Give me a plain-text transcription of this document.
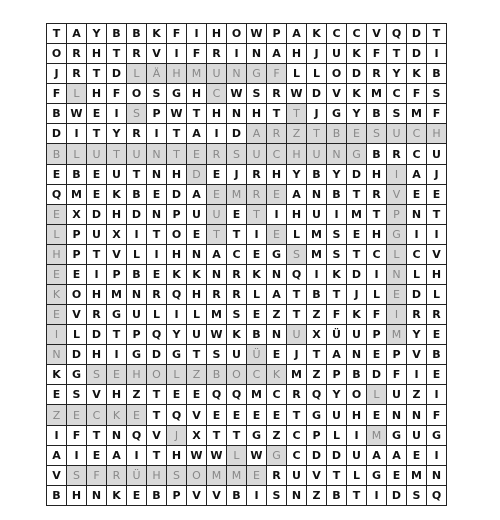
T	A	Y	B	B	K	F	I	H	O	W	P	A	K	C	C	V	Q	D	T
O	R	H	T	R	V	I	F	R	I	N	A	H	J	U	K	F	T	D	I
J	R	T	D	L	Ä	H	M	U	N	G	F	L	L	O	D	R	Y	K	B
F	L	H	F	O	S	G	H	C	W	S	R	W	D	V	K	M	C	F	S
B	W	E	I	S	P	W	T	H	N	H	T	T	J	G	Y	B	S	M	F
D	I	T	Y	R	I	T	A	I	D	A	R	Z	T	B	E	S	U	C	H
B	L	U	T	U	N	T	E	R	S	U	C	H	U	N	G	B	R	C	U
E	B	E	U	T	N	H	D	E	J	R	H	Y	B	Y	D	H	I	A	J
Q	M	E	K	B	E	D	A	E	M	R	E	A	N	B	T	R	V	E	E
E	X	D	H	D	N	P	U	U	E	T	I	H	U	I	M	T	P	N	T
L	P	U	X	I	T	O	E	T	T	I	E	L	M	S	E	H	G	I	I
H	P	T	V	L	I	H	N	A	C	E	G	S	M	S	T	C	L	C	V
E	E	I	P	B	E	K	K	N	R	K	N	Q	I	K	D	I	N	L	H
K	O	H	M	N	R	Q	H	R	R	L	A	T	B	T	J	L	E	D	L
E	V	R	G	U	L	I	L	M	S	E	Z	T	Z	F	K	F	I	R	R
I	L	D	T	P	Q	Y	U	W	K	B	N	U	X	Ü	U	P	M	Y	E
N	D	H	I	G	D	G	T	S	U	Ü	E	J	T	A	N	E	P	V	B
K	G	S	E	H	O	L	Z	B	O	C	K	M	Z	P	B	D	F	I	E
E	S	V	H	Z	T	E	E	Q	Q	M	C	R	Q	Y	O	L	U	Z	I
Z	E	C	K	E	T	Q	V	E	E	E	E	T	G	U	H	E	N	N	F
I	F	T	N	Q	V	J	X	T	T	G	Z	C	P	L	I	M	G	U	G
A	I	E	A	I	T	H	W	W	L	W	G	C	D	D	U	A	A	E	I
V	S	F	R	Ü	H	S	O	M	M	E	R	U	V	T	L	G	E	M	N
B	H	N	K	E	B	P	V	V	B	I	S	N	Z	B	T	I	D	S	Q
